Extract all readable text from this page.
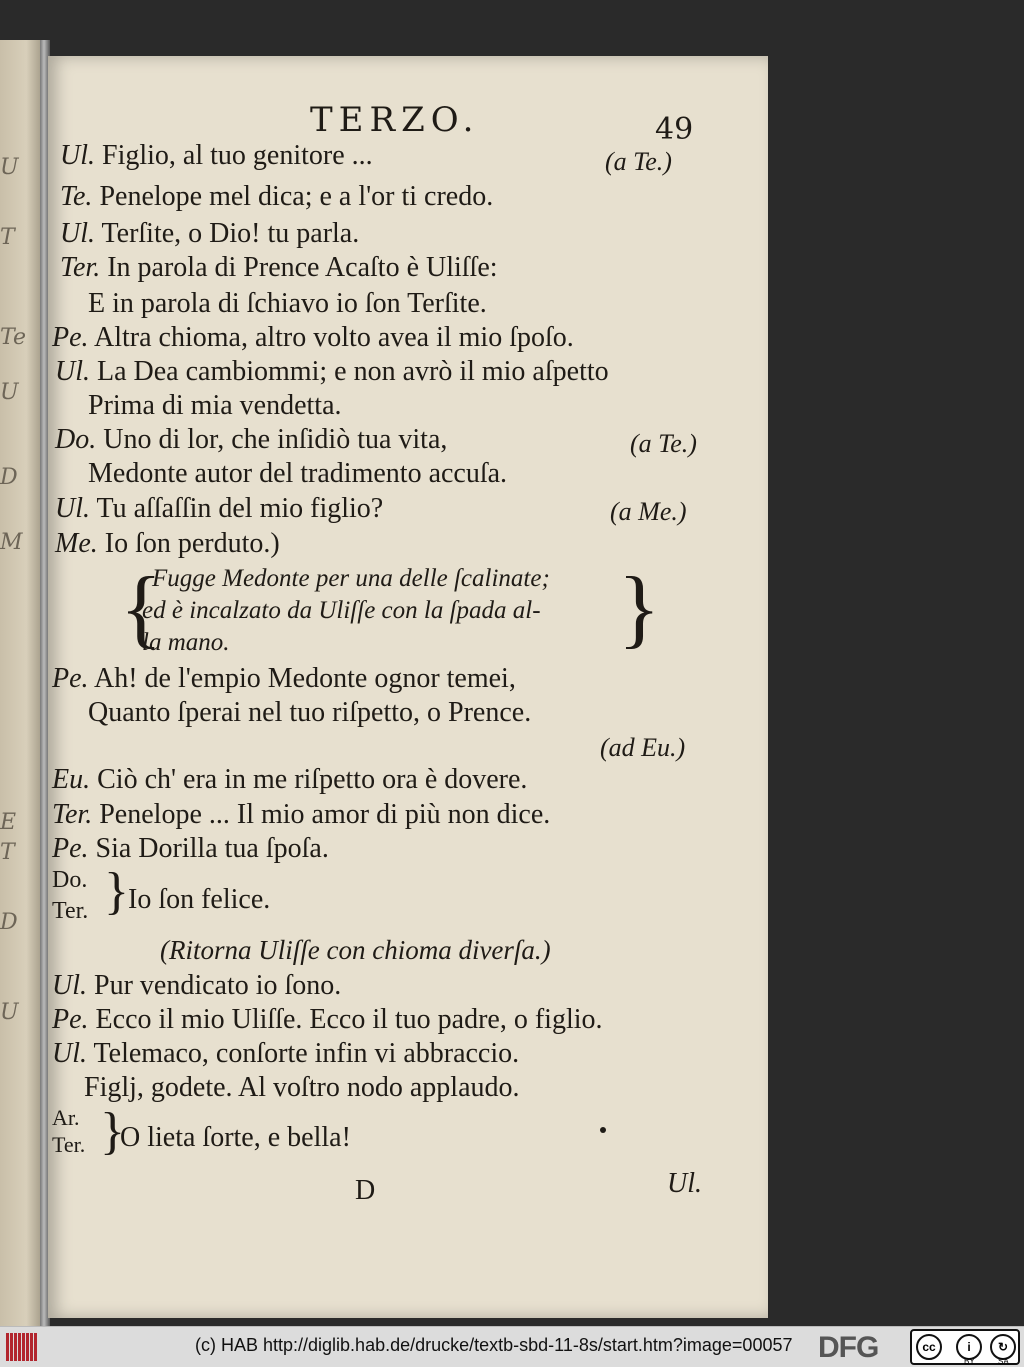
U
T
Te
U
D
M
E
T
D
U
TERZO.	49
Ul. Figlio, al tuo genitore ...	(a Te.)
Te. Penelope mel dica; e a l'or ti credo.
Ul. Terſite, o Dio! tu parla.
Ter. In parola di Prence Acaſto è Uliſſe:
E in parola di ſchiavo io ſon Terſite.
Pe. Altra chioma, altro volto avea il mio ſpoſo.
Ul. La Dea cambiommi; e non avrò il mio aſpetto
Prima di mia vendetta.
Do. Uno di lor, che inſidiò tua vita,	(a Te.)
Medonte autor del tradimento accuſa.
Ul. Tu aſſaſſin del mio figlio?	(a Me.)
Me. Io ſon perduto.)
{
Fugge Medonte per una delle ſcalinate;
ed è incalzato da Uliſſe con la ſpada al-
la mano.	}
Pe. Ah! de l'empio Medonte ognor temei,
Quanto ſperai nel tuo riſpetto, o Prence.
(ad Eu.)
Eu. Ciò ch' era in me riſpetto ora è dovere.
Ter. Penelope ... Il mio amor di più non dice.
Pe. Sia Dorilla tua ſpoſa.
Do.
Ter. } Io ſon felice.
(Ritorna Uliſſe con chioma diverſa.)
Ul. Pur vendicato io ſono.
Pe. Ecco il mio Uliſſe. Ecco il tuo padre, o figlio.
Ul. Telemaco, conſorte infin vi abbraccio.
Figlj, godete. Al voſtro nodo applaudo.
Ar.
Ter. }
O lieta ſorte, e bella!
D	Ul.
(c) HAB http://diglib.hab.de/drucke/textb-sbd-11-8s/start.htm?image=00057 DFG	cc	i	↻
BY	SA
